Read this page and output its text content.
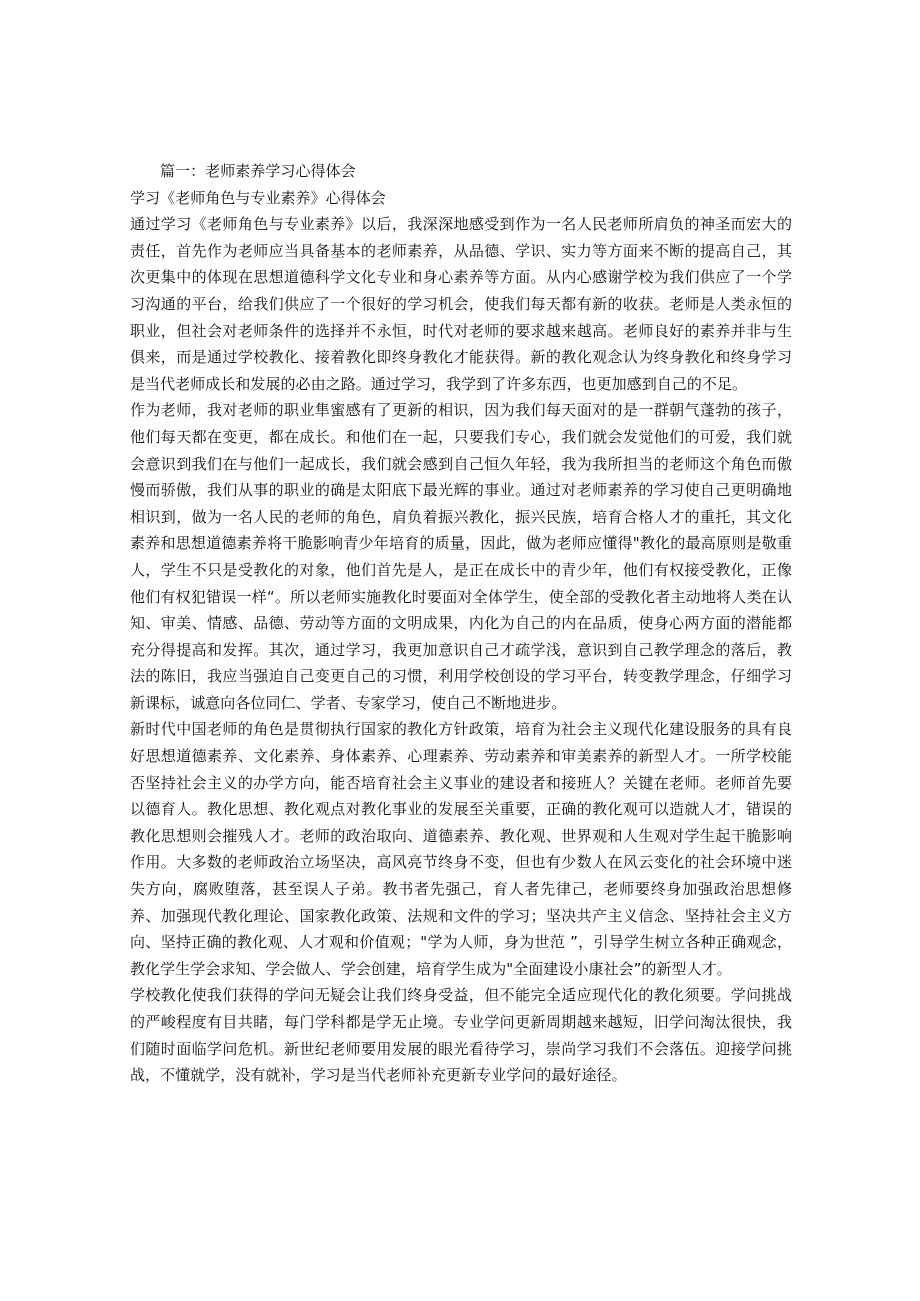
篇一：老师素养学习心得体会

学习《老师角色与专业素养》心得体会

通过学习《老师角色与专业素养》以后，我深深地感受到作为一名人民老师所肩负的神圣而宏大的责任，首先作为老师应当具备基本的老师素养，从品德、学识、实力等方面来不断的提高自己，其次更集中的体现在思想道德科学文化专业和身心素养等方面。从内心感谢学校为我们供应了一个学习沟通的平台，给我们供应了一个很好的学习机会，使我们每天都有新的收获。老师是人类永恒的职业，但社会对老师条件的选择并不永恒，时代对老师的要求越来越高。老师良好的素养并非与生俱来，而是通过学校教化、接着教化即终身教化才能获得。新的教化观念认为终身教化和终身学习是当代老师成长和发展的必由之路。通过学习，我学到了许多东西，也更加感到自己的不足。

作为老师，我对老师的职业隼蜜感有了更新的相识，因为我们每天面对的是一群朝气蓬勃的孩子，他们每天都在变更，都在成长。和他们在一起，只要我们专心，我们就会发觉他们的可爱，我们就会意识到我们在与他们一起成长，我们就会感到自己恒久年轻，我为我所担当的老师这个角色而傲慢而骄傲，我们从事的职业的确是太阳底下最光辉的事业。通过对老师素养的学习使自己更明确地相识到，做为一名人民的老师的角色，肩负着振兴教化，振兴民族，培育合格人才的重托，其文化素养和思想道德素养将干脆影响青少年培育的质量，因此，做为老师应懂得"教化的最高原则是敬重人，学生不只是受教化的对象，他们首先是人，是正在成长中的青少年，他们有权接受教化，正像他们有权犯错误一样“。所以老师实施教化时要面对全体学生，使全部的受教化者主动地将人类在认知、审美、情感、品德、劳动等方面的文明成果，内化为自己的内在品质，使身心两方面的潜能都充分得提高和发挥。其次，通过学习，我更加意识自己才疏学浅，意识到自己教学理念的落后，教法的陈旧，我应当强迫自己变更自己的习惯，利用学校创设的学习平台，转变教学理念，仔细学习新课标，诚意向各位同仁、学者、专家学习，使自己不断地进步。

新时代中国老师的角色是贯彻执行国家的教化方针政策，培育为社会主义现代化建设服务的具有良好思想道德素养、文化素养、身体素养、心理素养、劳动素养和审美素养的新型人才。一所学校能否坚持社会主义的办学方向，能否培育社会主义事业的建设者和接班人？关键在老师。老师首先要以德育人。教化思想、教化观点对教化事业的发展至关重要，正确的教化观可以造就人才，错误的教化思想则会摧残人才。老师的政治取向、道德素养、教化观、世界观和人生观对学生起干脆影响作用。大多数的老师政治立场坚决，高风亮节终身不变，但也有少数人在风云变化的社会环境中迷失方向，腐败堕落，甚至误人子弟。教书者先强己，育人者先律己，老师要终身加强政治思想修养、加强现代教化理论、国家教化政策、法规和文件的学习；坚决共产主义信念、坚持社会主义方向、坚持正确的教化观、人才观和价值观；"学为人师，身为世范 ”，引导学生树立各种正确观念，教化学生学会求知、学会做人、学会创建，培育学生成为"全面建设小康社会”的新型人才。

学校教化使我们获得的学问无疑会让我们终身受益，但不能完全适应现代化的教化须要。学问挑战的严峻程度有目共睹，每门学科都是学无止境。专业学问更新周期越来越短，旧学问淘汰很快，我们随时面临学问危机。新世纪老师要用发展的眼光看待学习，崇尚学习我们不会落伍。迎接学问挑战，不懂就学，没有就补，学习是当代老师补充更新专业学问的最好途径。
